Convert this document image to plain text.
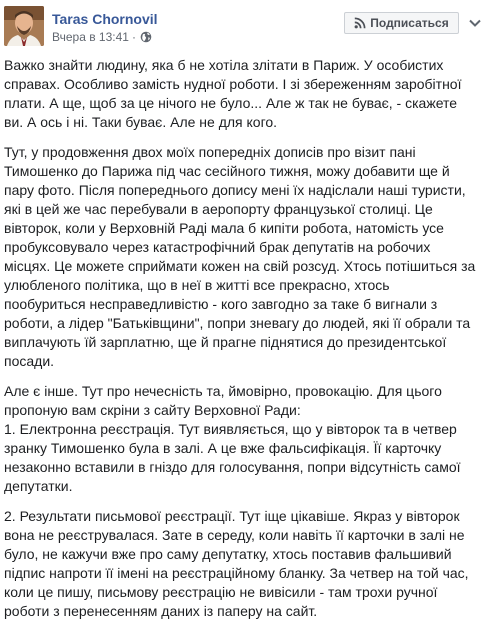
Taras Chornovil
Вчера в 13:41 ·
Подписаться

Важко знайти людину, яка б не хотіла злітати в Париж. У особистих
справах. Особливо замість нудної роботи. І зі збереженням заробітної
плати. А ще, щоб за це нічого не було... Але ж так не буває, - скажете
ви. А ось і ні. Таки буває. Але не для кого.

Тут, у продовження двох моїх попередніх дописів про візит пані
Тимошенко до Парижа під час сесійного тижня, можу добавити ще й
пару фото. Після попереднього допису мені їх надіслали наші туристи,
які в цей же час перебували в аеропорту французької столиці. Це
вівторок, коли у Верховній Раді мала б кипіти робота, натомість усе
пробуксовувало через катастрофічний брак депутатів на робочих
місцях. Це можете сприймати кожен на свій розсуд. Хтось потішиться за
улюбленого політика, що в неї в житті все прекрасно, хтось
пообуриться несправедливістю - кого завгодно за таке б вигнали з
роботи, а лідер "Батьківщини", попри зневагу до людей, які її обрали та
виплачують їй зарплатню, ще й прагне піднятися до президентської
посади.

Але є інше. Тут про нечесність та, ймовірно, провокацію. Для цього
пропоную вам скріни з сайту Верховної Ради:
1. Електронна реєстрація. Тут виявляється, що у вівторок та в четвер
зранку Тимошенко була в залі. А це вже фальсифікація. Її карточку
незаконно вставили в гніздо для голосування, попри відсутність самої
депутатки.

2. Результати письмової реєстрації. Тут іще цікавіше. Якраз у вівторок
вона не реєструвалася. Зате в середу, коли навіть її карточки в залі не
було, не кажучи вже про саму депутатку, хтось поставив фальшивий
підпис напроти її імені на реєстраційному бланку. За четвер на той час,
коли це пишу, письмову реєстрацію не вивісили - там трохи ручної
роботи з перенесенням даних із паперу на сайт.
